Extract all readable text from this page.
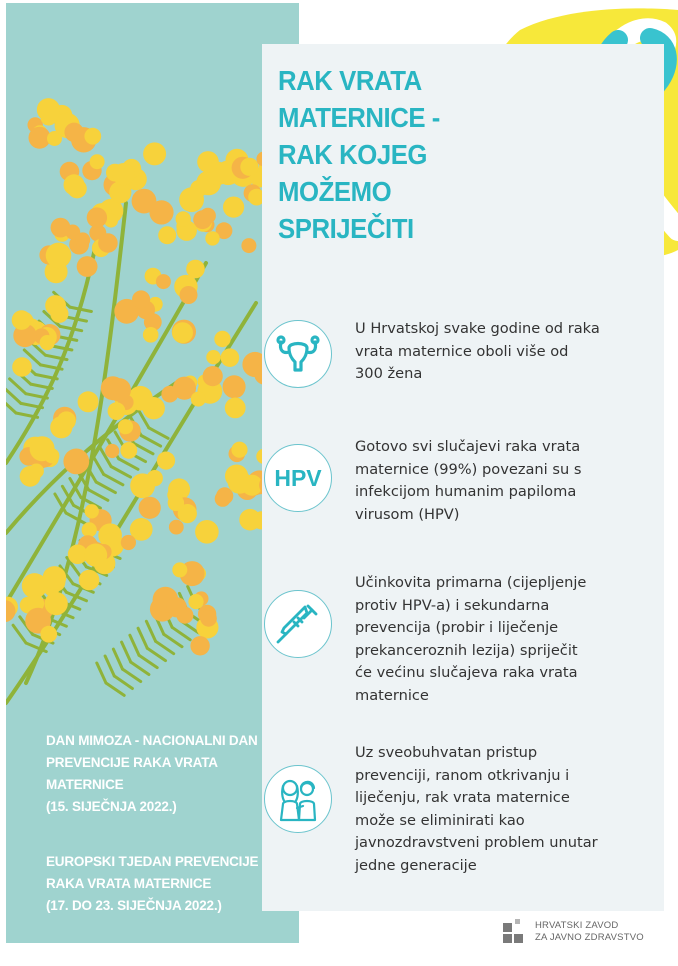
DAN MIMOZA - NACIONALNI DAN
PREVENCIJE RAKA VRATA
MATERNICE
(15. SIJEČNJA 2022.)
EUROPSKI TJEDAN PREVENCIJE
RAKA VRATA MATERNICE
(17. DO 23. SIJEČNJA 2022.)
RAK VRATA
MATERNICE -
RAK KOJEG
MOŽEMO
SPRIJEČITI
U Hrvatskoj svake godine od raka
vrata maternice oboli više od
300 žena
HPV
Gotovo svi slučajevi raka vrata
maternice (99%) povezani su s
infekcijom humanim papiloma
virusom (HPV)
Učinkovita primarna (cijepljenje
protiv HPV-a) i sekundarna
prevencija (probir i liječenje
prekanceroznih lezija) spriječit
će većinu slučajeva raka vrata
maternice
Uz sveobuhvatan pristup
prevenciji, ranom otkrivanju i
liječenju, rak vrata maternice
može se eliminirati kao
javnozdravstveni problem unutar
jedne generacije
HRVATSKI ZAVOD
ZA JAVNO ZDRAVSTVO
